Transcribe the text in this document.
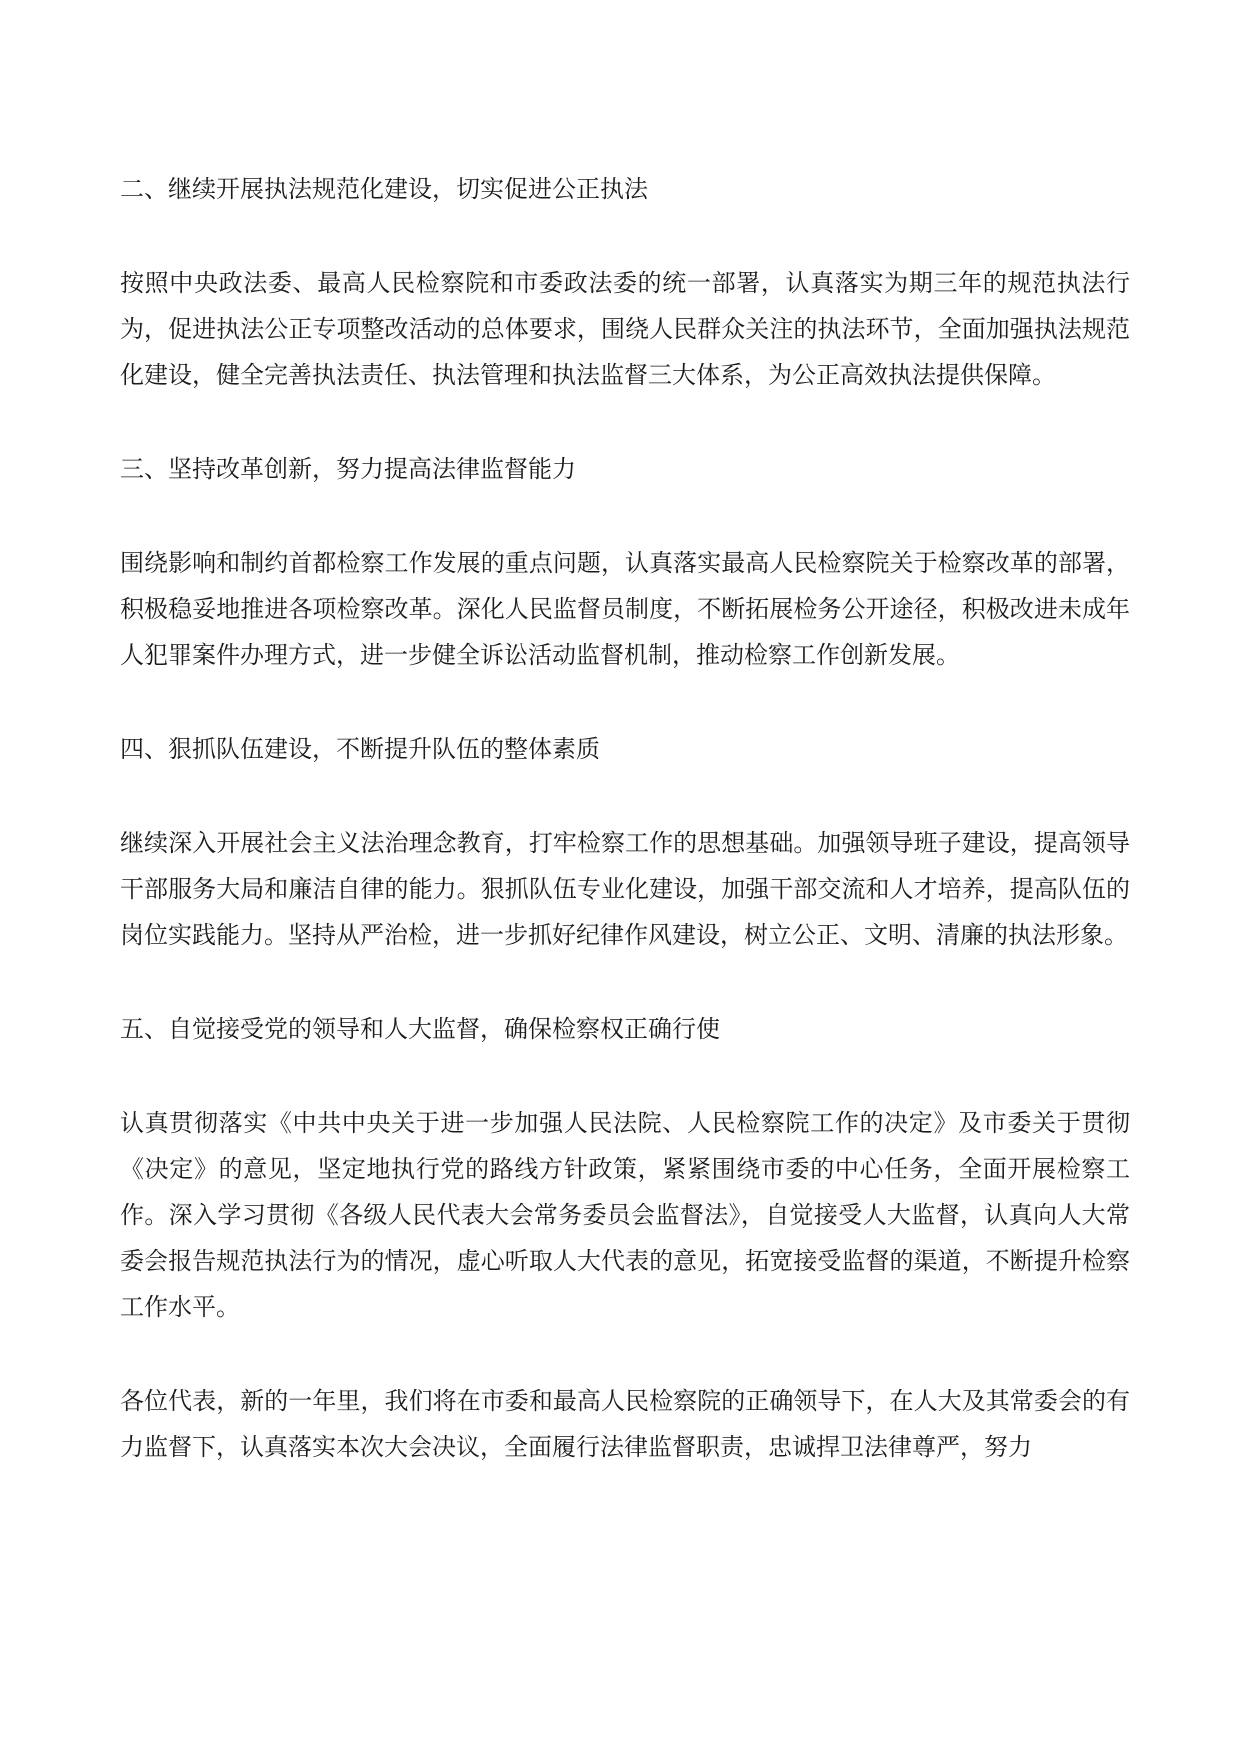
二、继续开展执法规范化建设，切实促进公正执法

按照中央政法委、最高人民检察院和市委政法委的统一部署，认真落实为期三年的规范执法行为，促进执法公正专项整改活动的总体要求，围绕人民群众关注的执法环节，全面加强执法规范化建设，健全完善执法责任、执法管理和执法监督三大体系，为公正高效执法提供保障。

三、坚持改革创新，努力提高法律监督能力

围绕影响和制约首都检察工作发展的重点问题，认真落实最高人民检察院关于检察改革的部署，积极稳妥地推进各项检察改革。深化人民监督员制度，不断拓展检务公开途径，积极改进未成年人犯罪案件办理方式，进一步健全诉讼活动监督机制，推动检察工作创新发展。

四、狠抓队伍建设，不断提升队伍的整体素质

继续深入开展社会主义法治理念教育，打牢检察工作的思想基础。加强领导班子建设，提高领导干部服务大局和廉洁自律的能力。狠抓队伍专业化建设，加强干部交流和人才培养，提高队伍的岗位实践能力。坚持从严治检，进一步抓好纪律作风建设，树立公正、文明、清廉的执法形象。

五、自觉接受党的领导和人大监督，确保检察权正确行使

认真贯彻落实《中共中央关于进一步加强人民法院、人民检察院工作的决定》及市委关于贯彻《决定》的意见，坚定地执行党的路线方针政策，紧紧围绕市委的中心任务，全面开展检察工作。深入学习贯彻《各级人民代表大会常务委员会监督法》，自觉接受人大监督，认真向人大常委会报告规范执法行为的情况，虚心听取人大代表的意见，拓宽接受监督的渠道，不断提升检察工作水平。

各位代表，新的一年里，我们将在市委和最高人民检察院的正确领导下，在人大及其常委会的有力监督下，认真落实本次大会决议，全面履行法律监督职责，忠诚捍卫法律尊严，努力
